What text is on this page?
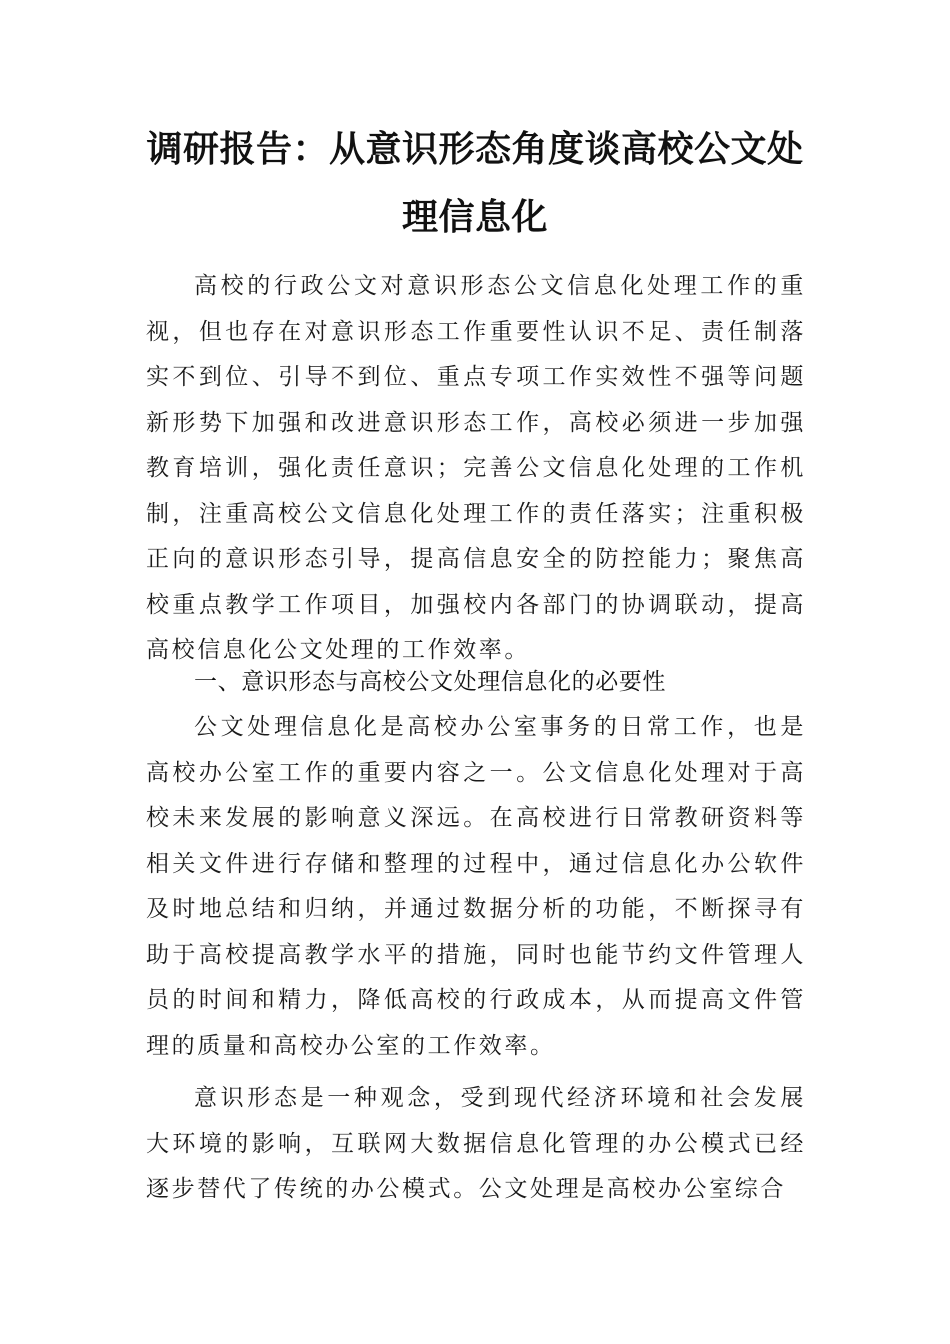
调研报告：从意识形态角度谈高校公文处
理信息化

高校的行政公文对意识形态公文信息化处理工作的重视，但也存在对意识形态工作重要性认识不足、责任制落实不到位、引导不到位、重点专项工作实效性不强等问题新形势下加强和改进意识形态工作，高校必须进一步加强教育培训，强化责任意识；完善公文信息化处理的工作机制，注重高校公文信息化处理工作的责任落实；注重积极正向的意识形态引导，提高信息安全的防控能力；聚焦高校重点教学工作项目，加强校内各部门的协调联动，提高高校信息化公文处理的工作效率。

一、意识形态与高校公文处理信息化的必要性

公文处理信息化是高校办公室事务的日常工作，也是高校办公室工作的重要内容之一。公文信息化处理对于高校未来发展的影响意义深远。在高校进行日常教研资料等相关文件进行存储和整理的过程中，通过信息化办公软件及时地总结和归纳，并通过数据分析的功能，不断探寻有助于高校提高教学水平的措施，同时也能节约文件管理人员的时间和精力，降低高校的行政成本，从而提高文件管理的质量和高校办公室的工作效率。

意识形态是一种观念，受到现代经济环境和社会发展大环境的影响，互联网大数据信息化管理的办公模式已经逐步替代了传统的办公模式。公文处理是高校办公室综合
